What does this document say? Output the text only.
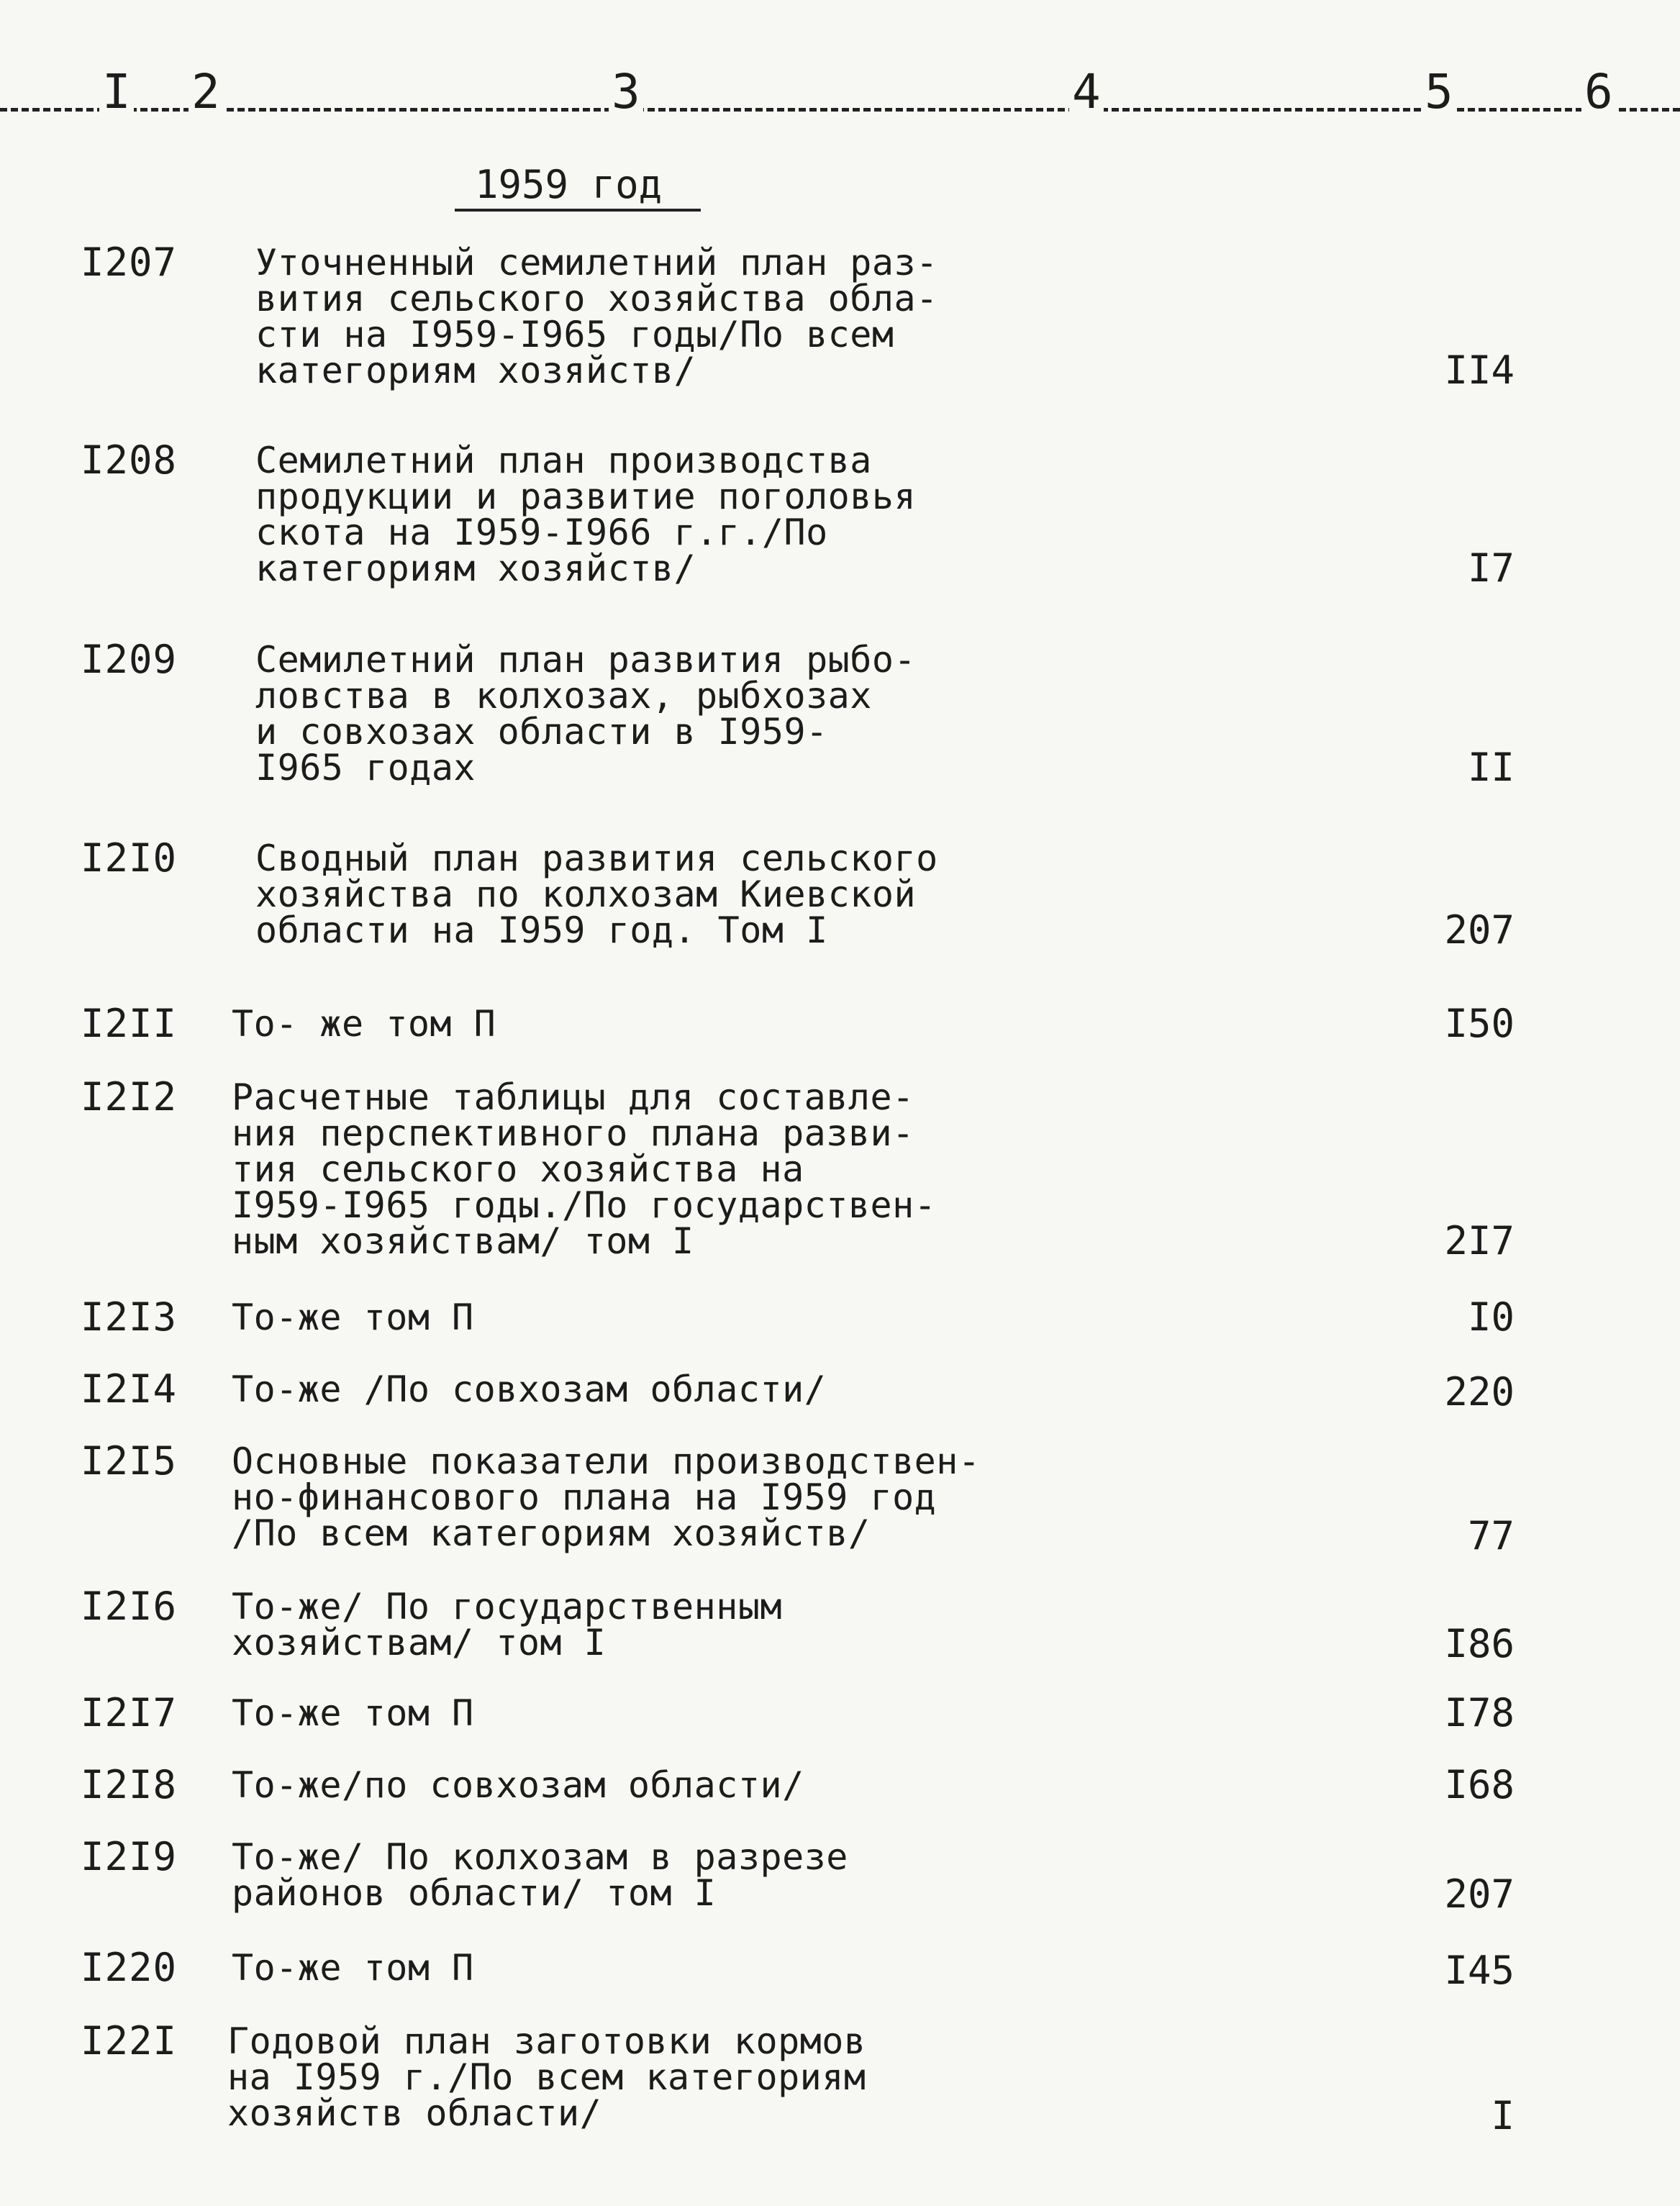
I 2	3	4	5	6
1959 год
I207 Уточненный семилетний план раз-
вития сельского хозяйства обла-
сти на I959-I965 годы/По всем
категориям хозяйств/	II4
I208 Семилетний план производства
продукции и развитие поголовья
скота на I959-I966 г.г./По
категориям хозяйств/	I7
I209 Семилетний план развития рыбо-
ловства в колхозах, рыбхозах
и совхозах области в I959-
I965 годах	II
I2I0 Сводный план развития сельского
хозяйства по колхозам Киевской
области на I959 год. Том I	207
I2II То- же том П	I50
I2I2 Расчетные таблицы для составле-
ния перспективного плана разви-
тия сельского хозяйства на
I959-I965 годы./По государствен-
ным хозяйствам/ том I	2I7
I2I3 То-же том П	I0
I2I4 То-же /По совхозам области/	220
I2I5 Основные показатели производствен-
но-финансового плана на I959 год
/По всем категориям хозяйств/	77
I2I6 То-же/ По государственным
хозяйствам/ том I	I86
I2I7 То-же том П	I78
I2I8 То-же/по совхозам области/	I68
I2I9 То-же/ По колхозам в разрезе
районов области/ том I	207
I220 То-же том П	I45
I22I Годовой план заготовки кормов
на I959 г./По всем категориям
хозяйств области/	I
